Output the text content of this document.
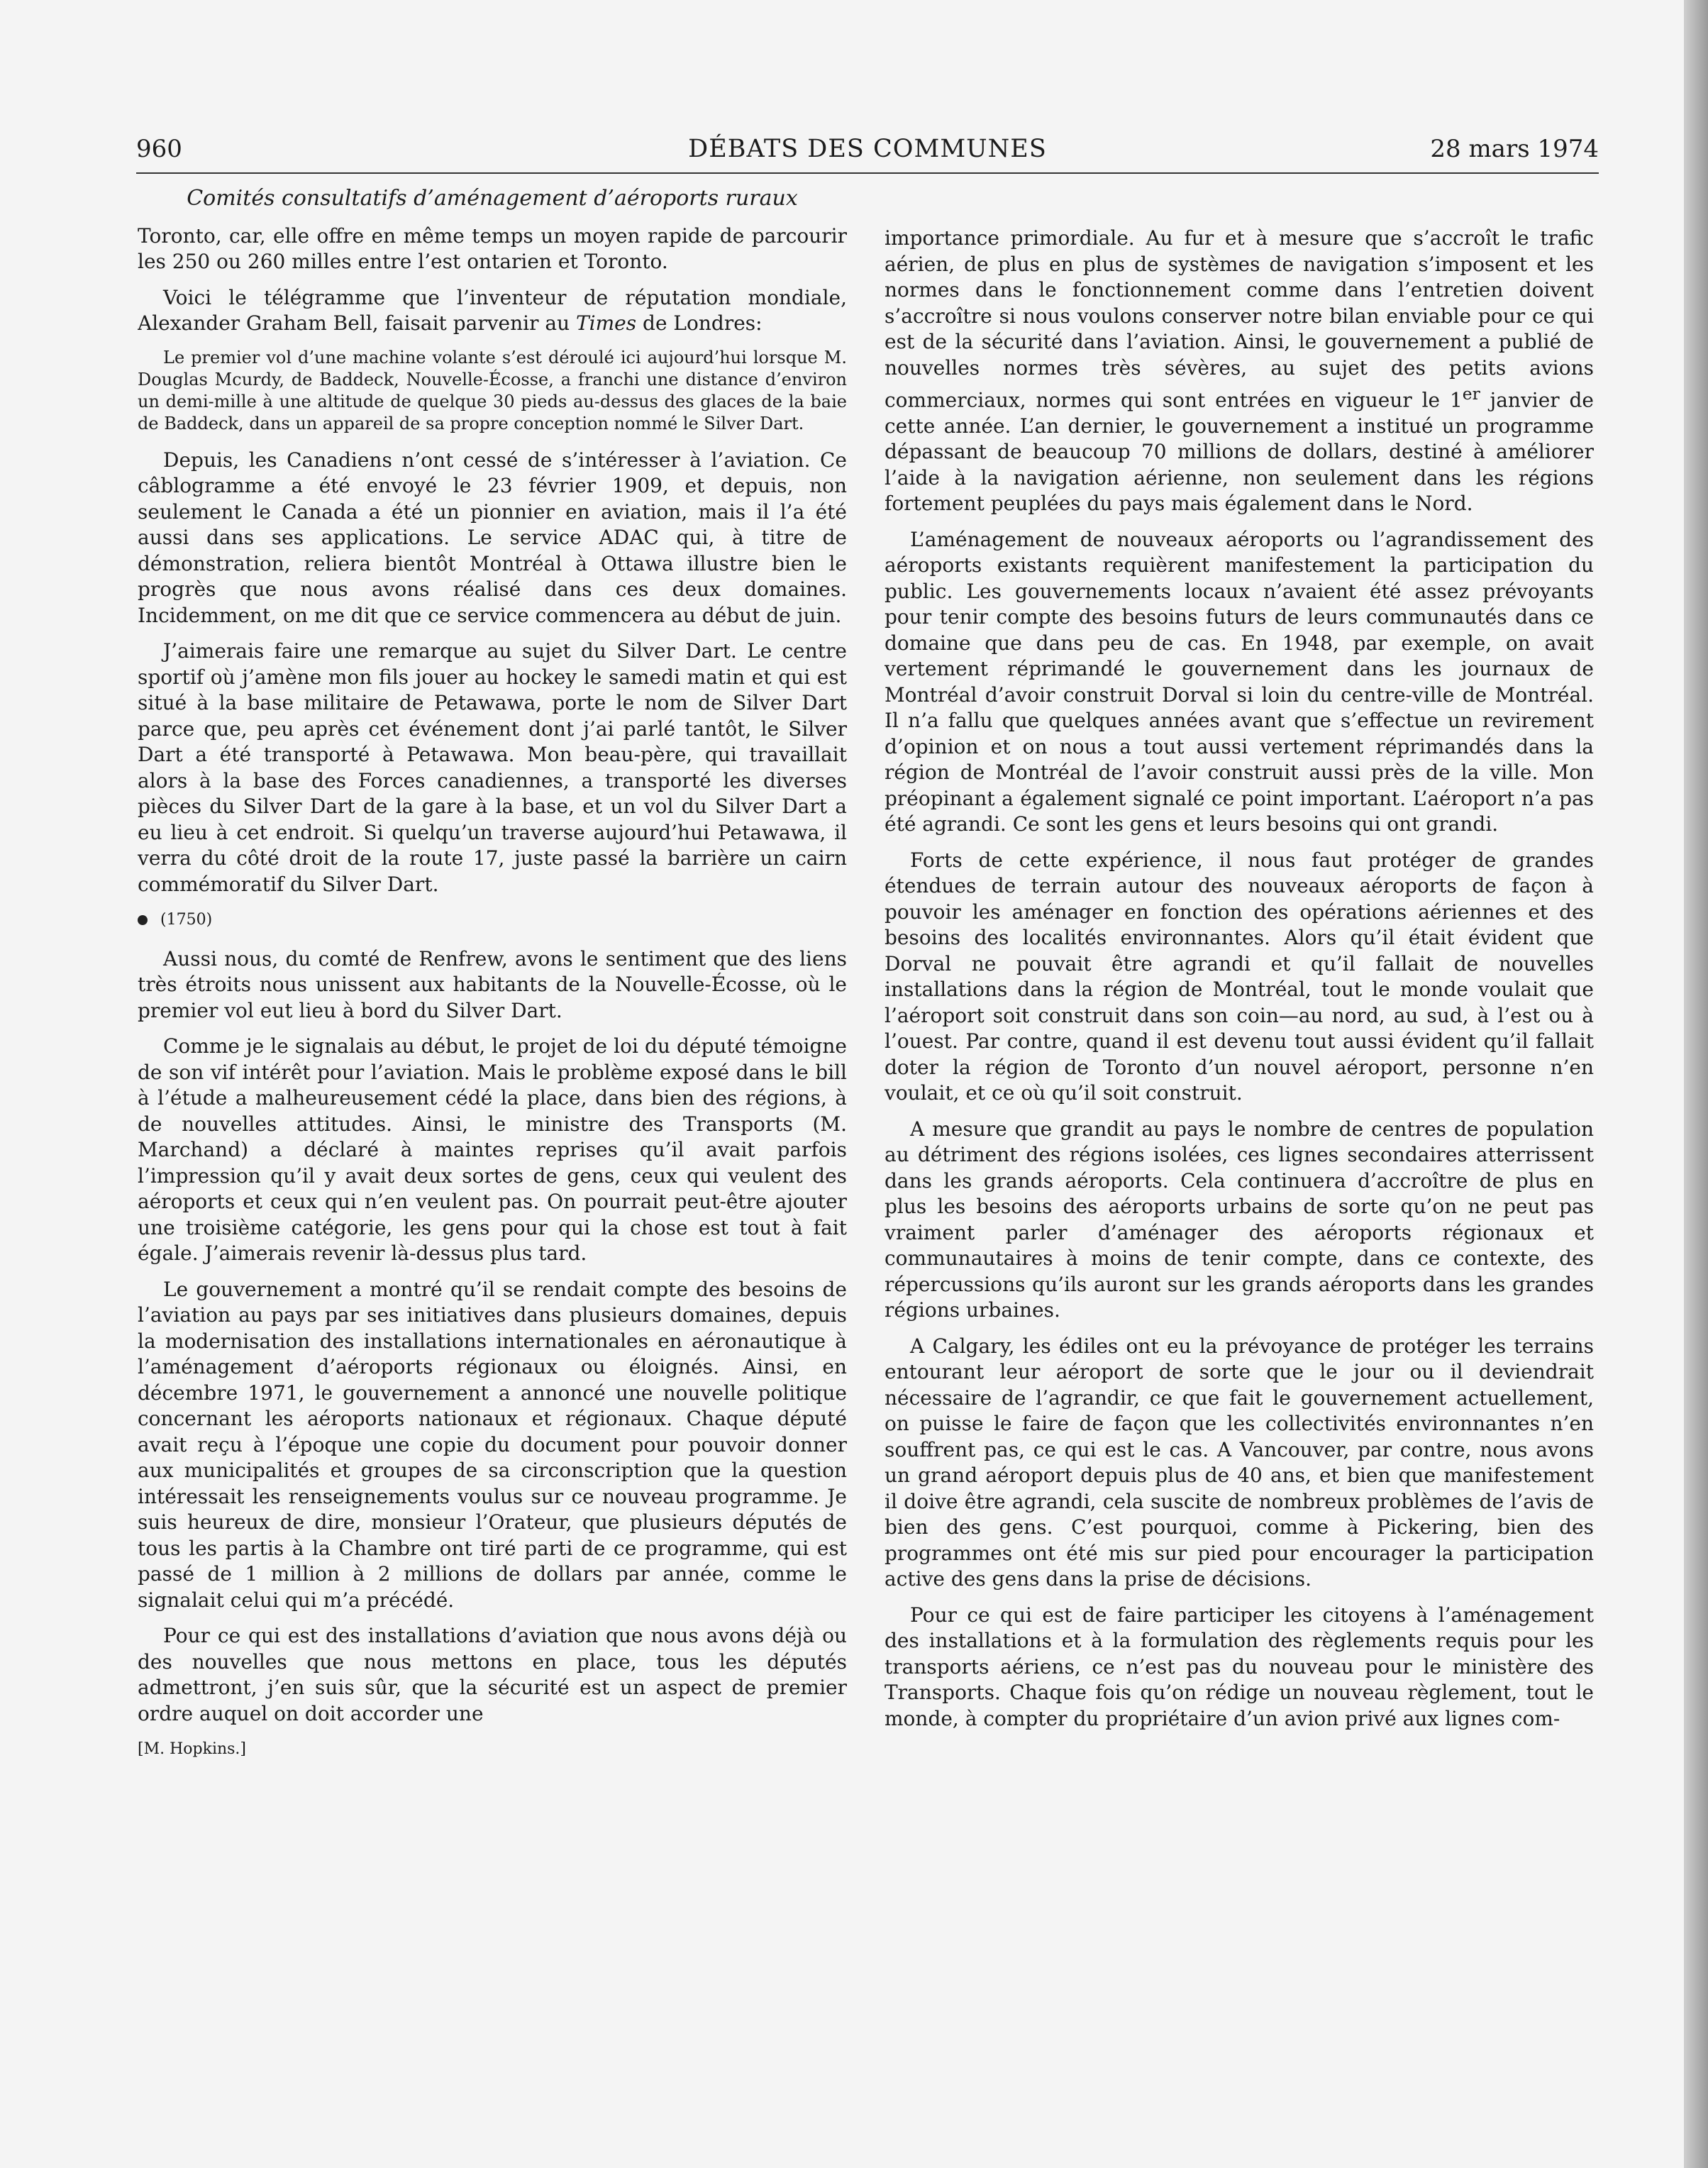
960	DÉBATS DES COMMUNES	28 mars 1974
Comités consultatifs d’aménagement d’aéroports ruraux

Toronto, car, elle offre en même temps un moyen rapide de parcourir les 250 ou 260 milles entre l’est ontarien et Toronto.

Voici le télégramme que l’inventeur de réputation mondiale, Alexander Graham Bell, faisait parvenir au Times de Londres:

Le premier vol d’une machine volante s’est déroulé ici aujourd’hui lorsque M. Douglas Mcurdy, de Baddeck, Nouvelle-Écosse, a franchi une distance d’environ un demi-mille à une altitude de quelque 30 pieds au-dessus des glaces de la baie de Baddeck, dans un appareil de sa propre conception nommé le Silver Dart.

Depuis, les Canadiens n’ont cessé de s’intéresser à l’aviation. Ce câblogramme a été envoyé le 23 février 1909, et depuis, non seulement le Canada a été un pionnier en aviation, mais il l’a été aussi dans ses applications. Le service ADAC qui, à titre de démonstration, reliera bientôt Montréal à Ottawa illustre bien le progrès que nous avons réalisé dans ces deux domaines. Incidemment, on me dit que ce service commencera au début de juin.

J’aimerais faire une remarque au sujet du Silver Dart. Le centre sportif où j’amène mon fils jouer au hockey le samedi matin et qui est situé à la base militaire de Petawawa, porte le nom de Silver Dart parce que, peu après cet événement dont j’ai parlé tantôt, le Silver Dart a été transporté à Petawawa. Mon beau-père, qui travaillait alors à la base des Forces canadiennes, a transporté les diverses pièces du Silver Dart de la gare à la base, et un vol du Silver Dart a eu lieu à cet endroit. Si quelqu’un traverse aujourd’hui Petawawa, il verra du côté droit de la route 17, juste passé la barrière un cairn commémoratif du Silver Dart.

(1750)

Aussi nous, du comté de Renfrew, avons le sentiment que des liens très étroits nous unissent aux habitants de la Nouvelle-Écosse, où le premier vol eut lieu à bord du Silver Dart.

Comme je le signalais au début, le projet de loi du député témoigne de son vif intérêt pour l’aviation. Mais le problème exposé dans le bill à l’étude a malheureusement cédé la place, dans bien des régions, à de nouvelles attitudes. Ainsi, le ministre des Transports (M. Marchand) a déclaré à maintes reprises qu’il avait parfois l’impression qu’il y avait deux sortes de gens, ceux qui veulent des aéroports et ceux qui n’en veulent pas. On pourrait peut-être ajouter une troisième catégorie, les gens pour qui la chose est tout à fait égale. J’aimerais revenir là-dessus plus tard.

Le gouvernement a montré qu’il se rendait compte des besoins de l’aviation au pays par ses initiatives dans plusieurs domaines, depuis la modernisation des installations internationales en aéronautique à l’aménagement d’aéroports régionaux ou éloignés. Ainsi, en décembre 1971, le gouvernement a annoncé une nouvelle politique concernant les aéroports nationaux et régionaux. Chaque député avait reçu à l’époque une copie du document pour pouvoir donner aux municipalités et groupes de sa circonscription que la question intéressait les renseignements voulus sur ce nouveau programme. Je suis heureux de dire, monsieur l’Orateur, que plusieurs députés de tous les partis à la Chambre ont tiré parti de ce programme, qui est passé de 1 million à 2 millions de dollars par année, comme le signalait celui qui m’a précédé.

Pour ce qui est des installations d’aviation que nous avons déjà ou des nouvelles que nous mettons en place, tous les députés admettront, j’en suis sûr, que la sécurité est un aspect de premier ordre auquel on doit accorder une

[M. Hopkins.]

importance primordiale. Au fur et à mesure que s’accroît le trafic aérien, de plus en plus de systèmes de navigation s’imposent et les normes dans le fonctionnement comme dans l’entretien doivent s’accroître si nous voulons conserver notre bilan enviable pour ce qui est de la sécurité dans l’aviation. Ainsi, le gouvernement a publié de nouvelles normes très sévères, au sujet des petits avions commerciaux, normes qui sont entrées en vigueur le 1er janvier de cette année. L’an dernier, le gouvernement a institué un programme dépassant de beaucoup 70 millions de dollars, destiné à améliorer l’aide à la navigation aérienne, non seulement dans les régions fortement peuplées du pays mais également dans le Nord.

L’aménagement de nouveaux aéroports ou l’agrandissement des aéroports existants requièrent manifestement la participation du public. Les gouvernements locaux n’avaient été assez prévoyants pour tenir compte des besoins futurs de leurs communautés dans ce domaine que dans peu de cas. En 1948, par exemple, on avait vertement réprimandé le gouvernement dans les journaux de Montréal d’avoir construit Dorval si loin du centre-ville de Montréal. Il n’a fallu que quelques années avant que s’effectue un revirement d’opinion et on nous a tout aussi vertement réprimandés dans la région de Montréal de l’avoir construit aussi près de la ville. Mon préopinant a également signalé ce point important. L’aéroport n’a pas été agrandi. Ce sont les gens et leurs besoins qui ont grandi.

Forts de cette expérience, il nous faut protéger de grandes étendues de terrain autour des nouveaux aéroports de façon à pouvoir les aménager en fonction des opérations aériennes et des besoins des localités environnantes. Alors qu’il était évident que Dorval ne pouvait être agrandi et qu’il fallait de nouvelles installations dans la région de Montréal, tout le monde voulait que l’aéroport soit construit dans son coin—au nord, au sud, à l’est ou à l’ouest. Par contre, quand il est devenu tout aussi évident qu’il fallait doter la région de Toronto d’un nouvel aéroport, personne n’en voulait, et ce où qu’il soit construit.

A mesure que grandit au pays le nombre de centres de population au détriment des régions isolées, ces lignes secondaires atterrissent dans les grands aéroports. Cela continuera d’accroître de plus en plus les besoins des aéroports urbains de sorte qu’on ne peut pas vraiment parler d’aménager des aéroports régionaux et communautaires à moins de tenir compte, dans ce contexte, des répercussions qu’ils auront sur les grands aéroports dans les grandes régions urbaines.

A Calgary, les édiles ont eu la prévoyance de protéger les terrains entourant leur aéroport de sorte que le jour ou il deviendrait nécessaire de l’agrandir, ce que fait le gouvernement actuellement, on puisse le faire de façon que les collectivités environnantes n’en souffrent pas, ce qui est le cas. A Vancouver, par contre, nous avons un grand aéroport depuis plus de 40 ans, et bien que manifestement il doive être agrandi, cela suscite de nombreux problèmes de l’avis de bien des gens. C’est pourquoi, comme à Pickering, bien des programmes ont été mis sur pied pour encourager la participation active des gens dans la prise de décisions.

Pour ce qui est de faire participer les citoyens à l’aménagement des installations et à la formulation des règlements requis pour les transports aériens, ce n’est pas du nouveau pour le ministère des Transports. Chaque fois qu’on rédige un nouveau règlement, tout le monde, à compter du propriétaire d’un avion privé aux lignes com-
